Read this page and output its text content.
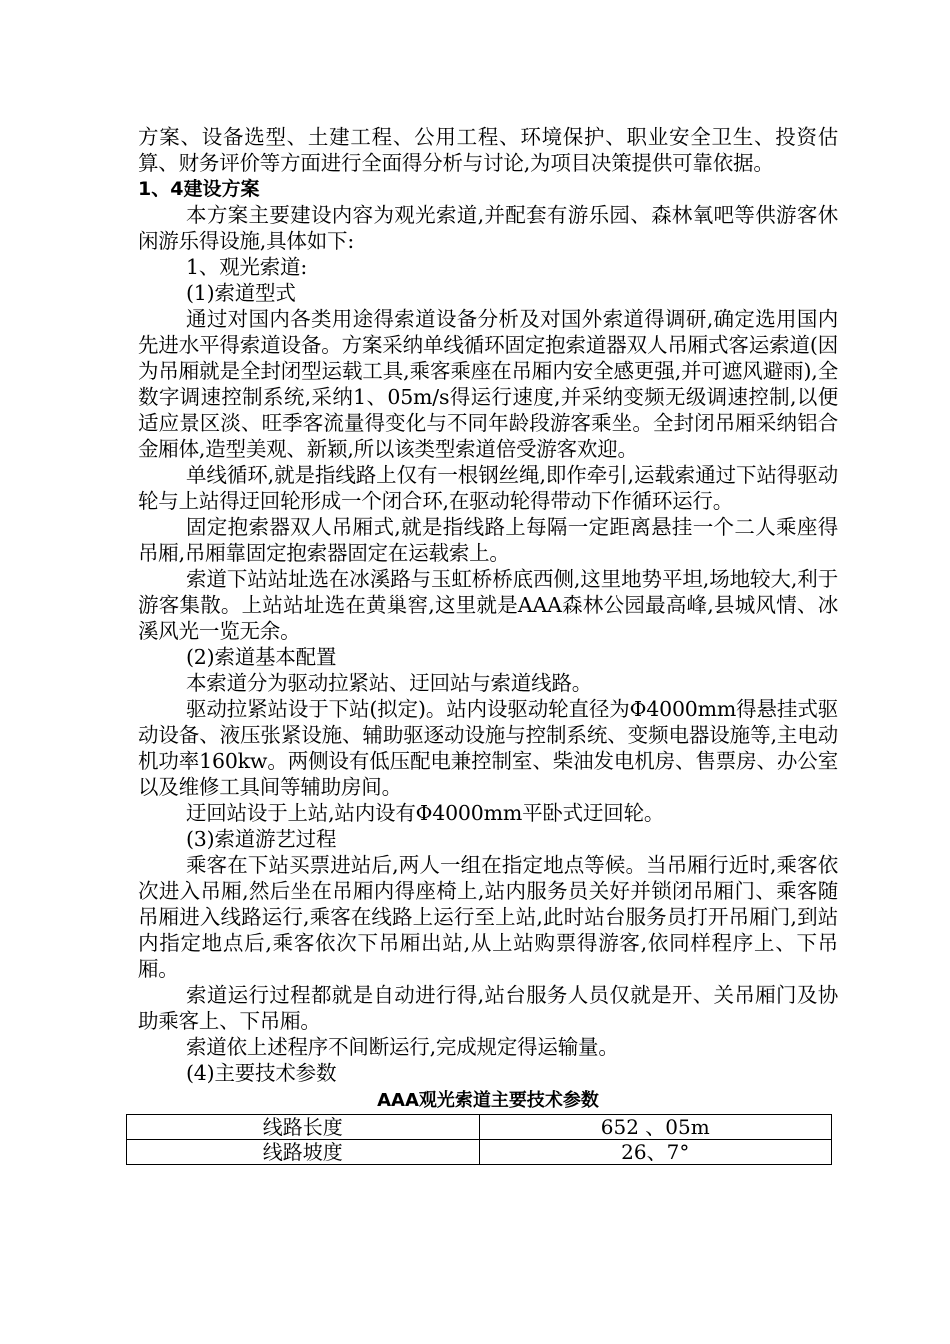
方案、设备选型、土建工程、公用工程、环境保护、职业安全卫生、投资估算、财务评价等方面进行全面得分析与讨论,为项目决策提供可靠依据。

1、4建设方案

本方案主要建设内容为观光索道,并配套有游乐园、森林氧吧等供游客休闲游乐得设施,具体如下:

1、观光索道:

(1)索道型式

通过对国内各类用途得索道设备分析及对国外索道得调研,确定选用国内先进水平得索道设备。方案采纳单线循环固定抱索道器双人吊厢式客运索道(因为吊厢就是全封闭型运载工具,乘客乘座在吊厢内安全感更强,并可遮风避雨),全数字调速控制系统,采纳1、05m/s得运行速度,并采纳变频无级调速控制,以便适应景区淡、旺季客流量得变化与不同年龄段游客乘坐。全封闭吊厢采纳铝合金厢体,造型美观、新颖,所以该类型索道倍受游客欢迎。

单线循环,就是指线路上仅有一根钢丝绳,即作牵引,运载索通过下站得驱动轮与上站得迂回轮形成一个闭合环,在驱动轮得带动下作循环运行。

固定抱索器双人吊厢式,就是指线路上每隔一定距离悬挂一个二人乘座得吊厢,吊厢靠固定抱索器固定在运载索上。

索道下站站址选在冰溪路与玉虹桥桥底西侧,这里地势平坦,场地较大,利于游客集散。上站站址选在黄巢窖,这里就是AAA森林公园最高峰,县城风情、冰溪风光一览无余。

(2)索道基本配置

本索道分为驱动拉紧站、迂回站与索道线路。

驱动拉紧站设于下站(拟定)。站内设驱动轮直径为Φ4000mm得悬挂式驱动设备、液压张紧设施、辅助驱逐动设施与控制系统、变频电器设施等,主电动机功率160kw。两侧设有低压配电兼控制室、柴油发电机房、售票房、办公室以及维修工具间等辅助房间。

迂回站设于上站,站内设有Φ4000mm平卧式迂回轮。

(3)索道游艺过程

乘客在下站买票进站后,两人一组在指定地点等候。当吊厢行近时,乘客依次进入吊厢,然后坐在吊厢内得座椅上,站内服务员关好并锁闭吊厢门、乘客随吊厢进入线路运行,乘客在线路上运行至上站,此时站台服务员打开吊厢门,到站内指定地点后,乘客依次下吊厢出站,从上站购票得游客,依同样程序上、下吊厢。

索道运行过程都就是自动进行得,站台服务人员仅就是开、关吊厢门及协助乘客上、下吊厢。

索道依上述程序不间断运行,完成规定得运输量。

(4)主要技术参数

AAA观光索道主要技术参数
线路长度	652 、05m
线路坡度	26、7°
